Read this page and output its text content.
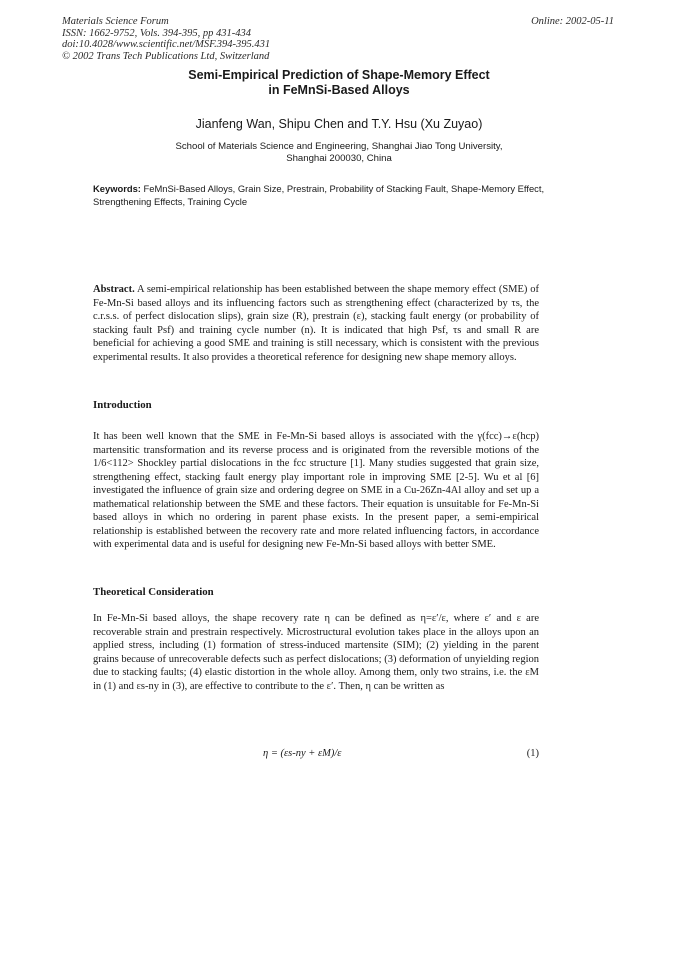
Materials Science Forum
ISSN: 1662-9752, Vols. 394-395, pp 431-434
doi:10.4028/www.scientific.net/MSF.394-395.431
© 2002 Trans Tech Publications Ltd, Switzerland
Online: 2002-05-11
Semi-Empirical Prediction of Shape-Memory Effect
in FeMnSi-Based Alloys
Jianfeng Wan, Shipu Chen and T.Y. Hsu (Xu Zuyao)
School of Materials Science and Engineering, Shanghai Jiao Tong University,
Shanghai 200030, China
Keywords: FeMnSi-Based Alloys, Grain Size, Prestrain, Probability of Stacking Fault, Shape-Memory Effect, Strengthening Effects, Training Cycle
Abstract. A semi-empirical relationship has been established between the shape memory effect (SME) of Fe-Mn-Si based alloys and its influencing factors such as strengthening effect (characterized by τs, the c.r.s.s. of perfect dislocation slips), grain size (R), prestrain (ε), stacking fault energy (or probability of stacking fault Psf) and training cycle number (n). It is indicated that high Psf, τs and small R are beneficial for achieving a good SME and training is still necessary, which is consistent with the previous experimental results. It also provides a theoretical reference for designing new shape memory alloys.
Introduction
It has been well known that the SME in Fe-Mn-Si based alloys is associated with the γ(fcc)→ε(hcp) martensitic transformation and its reverse process and is originated from the reversible motions of the 1/6<112> Shockley partial dislocations in the fcc structure [1]. Many studies suggested that grain size, strengthening effect, stacking fault energy play important role in improving SME [2-5]. Wu et al [6] investigated the influence of grain size and ordering degree on SME in a Cu-26Zn-4Al alloy and set up a mathematical relationship between the SME and these factors. Their equation is unsuitable for Fe-Mn-Si based alloys in which no ordering in parent phase exists. In the present paper, a semi-empirical relationship is established between the recovery rate and more related influencing factors, in accordance with experimental data and is useful for designing new Fe-Mn-Si based alloys with better SME.
Theoretical Consideration
In Fe-Mn-Si based alloys, the shape recovery rate η can be defined as η=ε′/ε, where ε′ and ε are recoverable strain and prestrain respectively. Microstructural evolution takes place in the alloys upon an applied stress, including (1) formation of stress-induced martensite (SIM); (2) yielding in the parent grains because of unrecoverable defects such as perfect dislocations; (3) deformation of unyielding region due to stacking faults; (4) elastic distortion in the whole alloy. Among them, only two strains, i.e. the εM in (1) and εs-ny in (3), are effective to contribute to the ε′. Then, η can be written as
η = (εs-ny + εM)/ε	(1)
